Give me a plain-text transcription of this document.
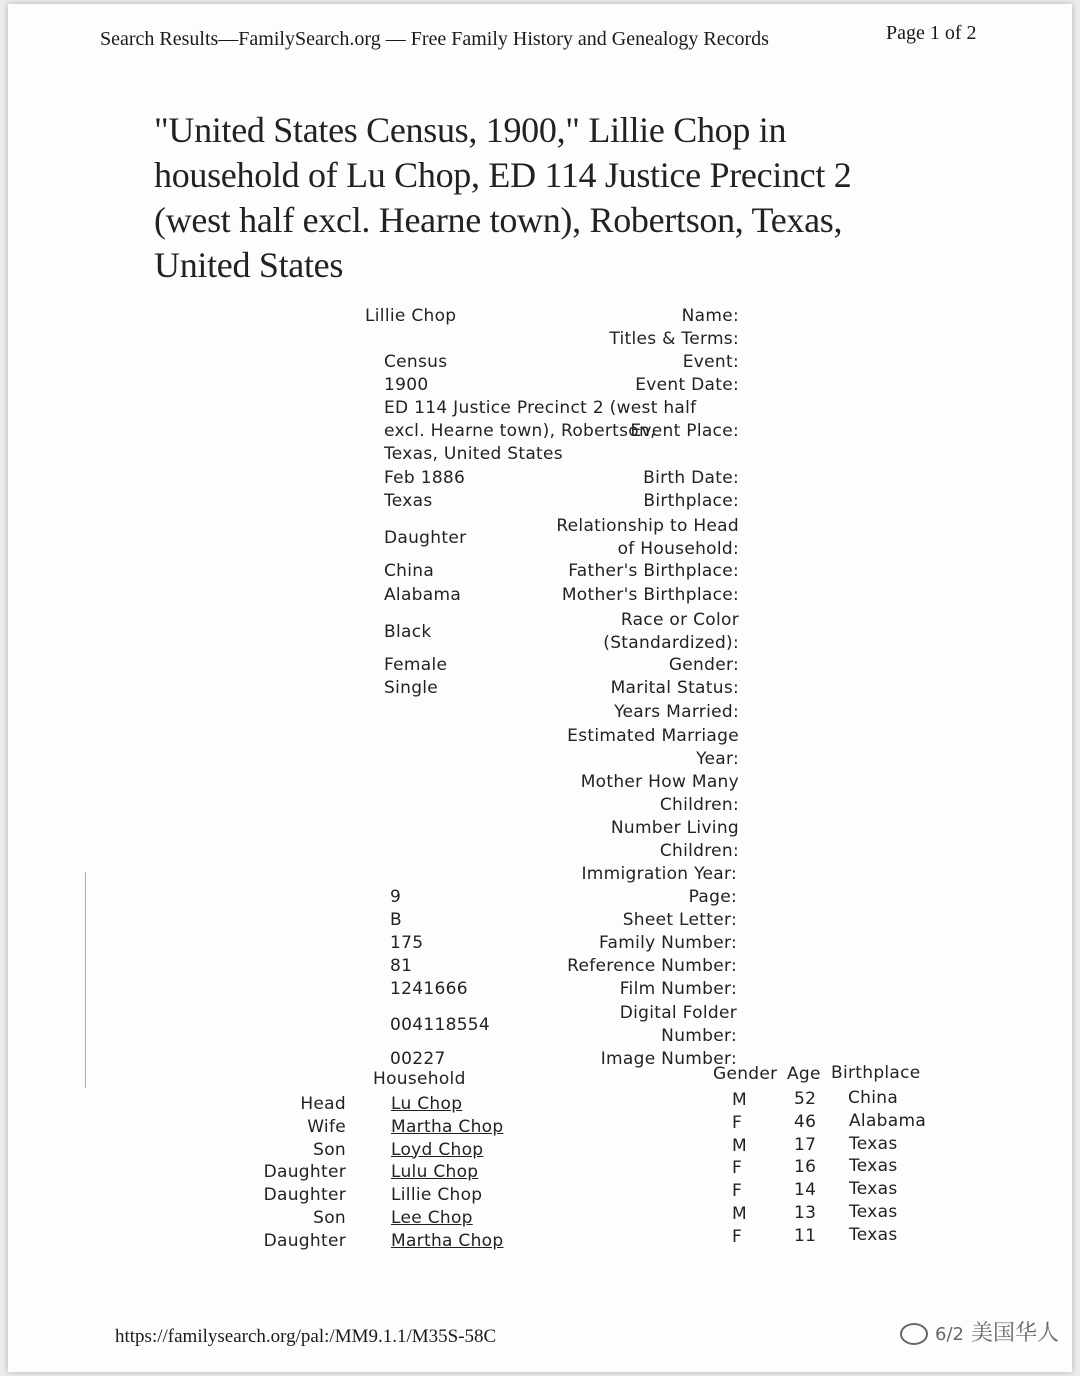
Search Results—FamilySearch.org — Free Family History and Genealogy Records	Page 1 of 2
"United States Census, 1900," Lillie Chop in
household of Lu Chop, ED 114 Justice Precinct 2
(west half excl. Hearne town), Robertson, Texas,
United States
Name:
Lillie Chop
Titles & Terms:
Event:
Census
Event Date:
1900
Event Place:
ED 114 Justice Precinct 2 (west half
excl. Hearne town), Robertson,
Texas, United States
Birth Date:
Feb 1886
Birthplace:
Texas
Relationship to Head
of Household:
Daughter
Father's Birthplace:
China
Mother's Birthplace:
Alabama
Race or Color
(Standardized):
Black
Gender:
Female
Marital Status:
Single
Years Married:
Estimated Marriage
Year:
Mother How Many
Children:
Number Living
Children:
Immigration Year:
Page:
9
Sheet Letter:
B
Family Number:
175
Reference Number:
81
Film Number:
1241666
Digital Folder
Number:
004118554
Image Number:
00227
Household	Gender Age Birthplace
Head	Lu Chop	M	52 China
Wife	Martha Chop	F	46 Alabama
Son	Loyd Chop	M	17 Texas
Daughter	Lulu Chop	F	16 Texas
Daughter	Lillie Chop	F	14 Texas
Son	Lee Chop	M	13 Texas
Daughter	Martha Chop	F	11 Texas
https://familysearch.org/pal:/MM9.1.1/M35S-58C	6/2 美国华人
